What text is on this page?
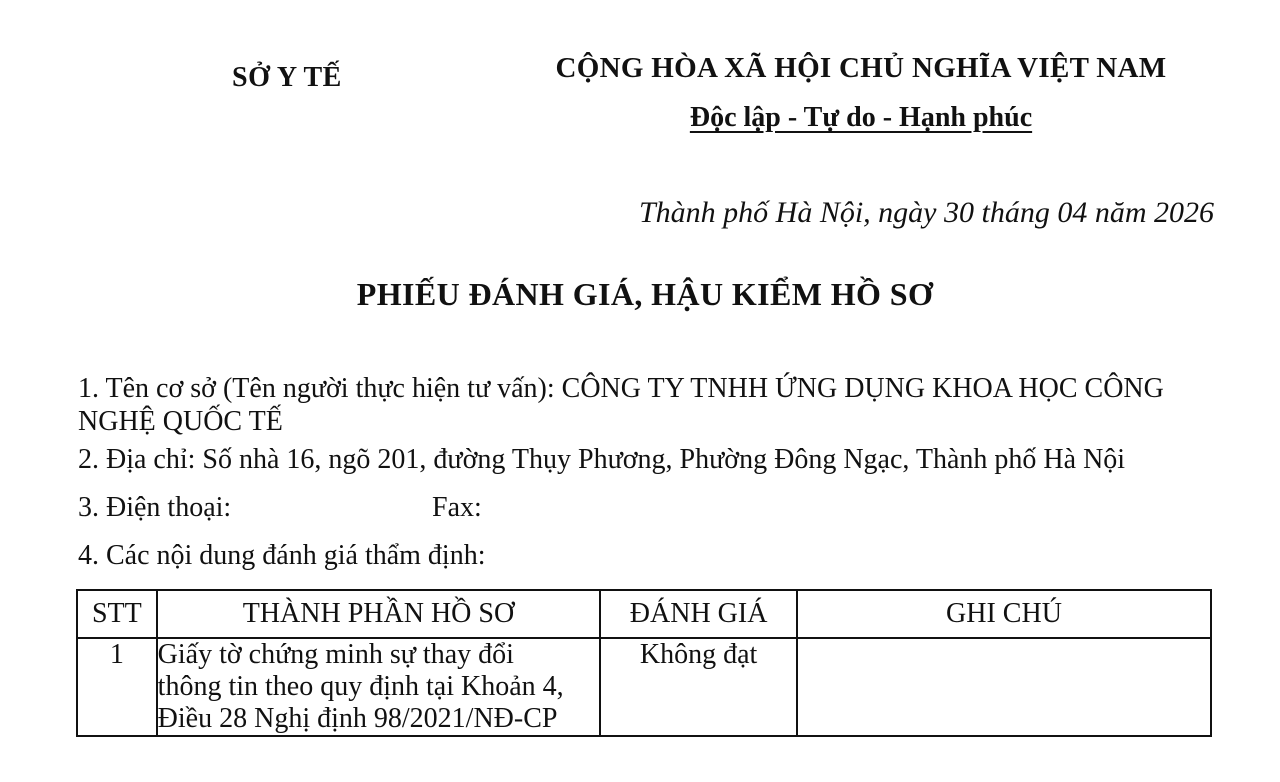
SỞ Y TẾ	CỘNG HÒA XÃ HỘI CHỦ NGHĨA VIỆT NAM
Độc lập - Tự do - Hạnh phúc
Thành phố Hà Nội, ngày 30 tháng 04 năm 2026
PHIẾU ĐÁNH GIÁ, HẬU KIỂM HỒ SƠ
1. Tên cơ sở (Tên người thực hiện tư vấn): CÔNG TY TNHH ỨNG DỤNG KHOA HỌC CÔNG
NGHỆ QUỐC TẾ
2. Địa chỉ: Số nhà 16, ngõ 201, đường Thụy Phương, Phường Đông Ngạc, Thành phố Hà Nội
3. Điện thoại:	Fax:
4. Các nội dung đánh giá thẩm định:
STT	THÀNH PHẦN HỒ SƠ	ĐÁNH GIÁ	GHI CHÚ
1	Giấy tờ chứng minh sự thay đổi
thông tin theo quy định tại Khoản 4,
Điều 28 Nghị định 98/2021/NĐ-CP	Không đạt	
